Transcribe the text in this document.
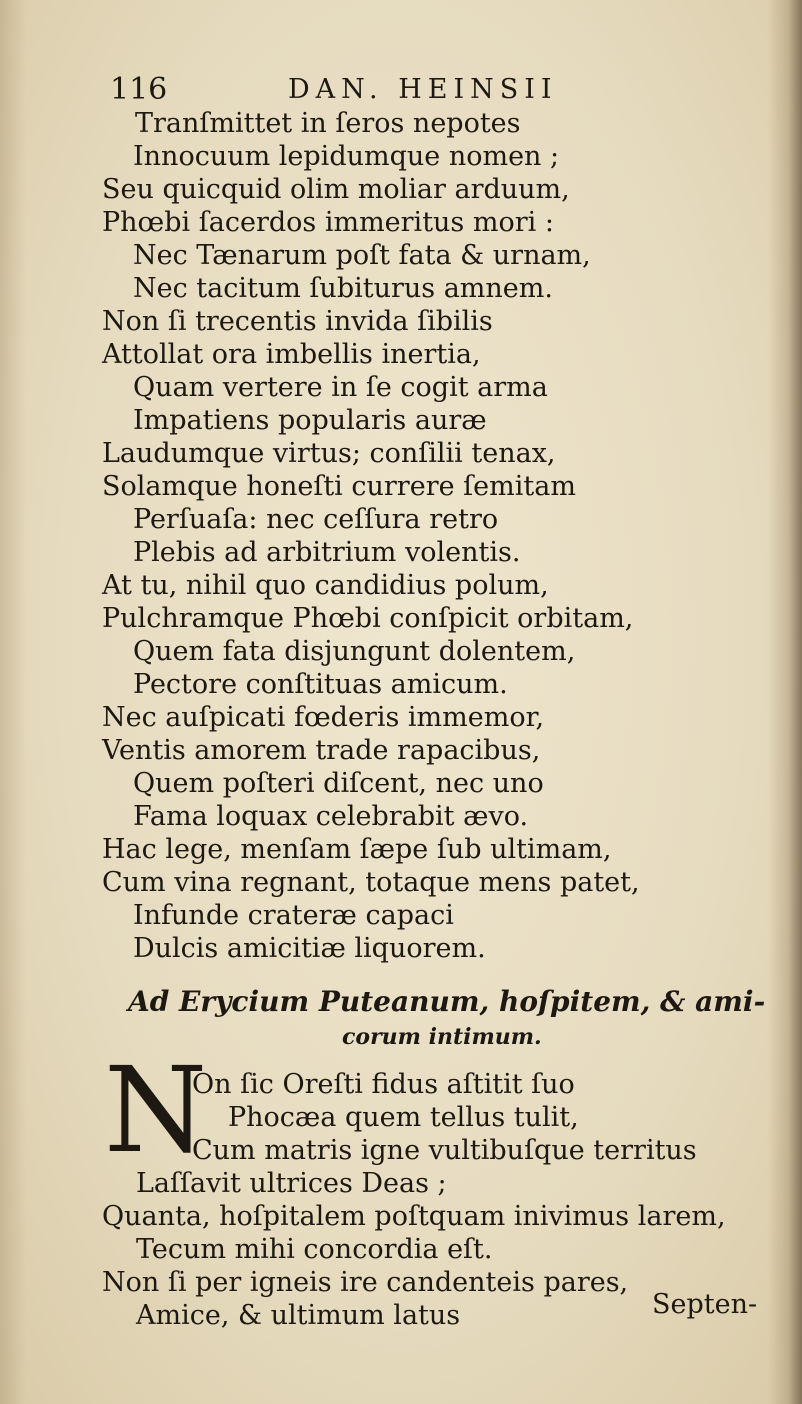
116	DAN. HEINSII
Tranſmittet in ſeros nepotes
Innocuum lepidumque nomen ;
Seu quicquid olim moliar arduum,
Phœbi ſacerdos immeritus mori :
Nec Tænarum poſt fata & urnam,
Nec tacitum ſubiturus amnem.
Non ſi trecentis invida ſibilis
Attollat ora imbellis inertia,
Quam vertere in ſe cogit arma
Impatiens popularis auræ
Laudumque virtus; conſilii tenax,
Solamque honeſti currere ſemitam
Perſuaſa: nec ceſſura retro
Plebis ad arbitrium volentis.
At tu, nihil quo candidius polum,
Pulchramque Phœbi conſpicit orbitam,
Quem fata disjungunt dolentem,
Pectore conſtituas amicum.
Nec auſpicati fœderis immemor,
Ventis amorem trade rapacibus,
Quem poſteri diſcent, nec uno
Fama loquax celebrabit ævo.
Hac lege, menſam ſæpe ſub ultimam,
Cum vina regnant, totaque mens patet,
Infunde crateræ capaci
Dulcis amicitiæ liquorem.
Ad Erycium Puteanum, hoſpitem, & ami-
corum intimum.
N
On ſic Oreſti fidus aſtitit ſuo
Phocæa quem tellus tulit,
Cum matris igne vultibuſque territus
Laſſavit ultrices Deas ;
Quanta, hoſpitalem poſtquam inivimus larem,
Tecum mihi concordia eſt.
Non ſi per igneis ire candenteis pares,
Amice, & ultimum latus	Septen-
